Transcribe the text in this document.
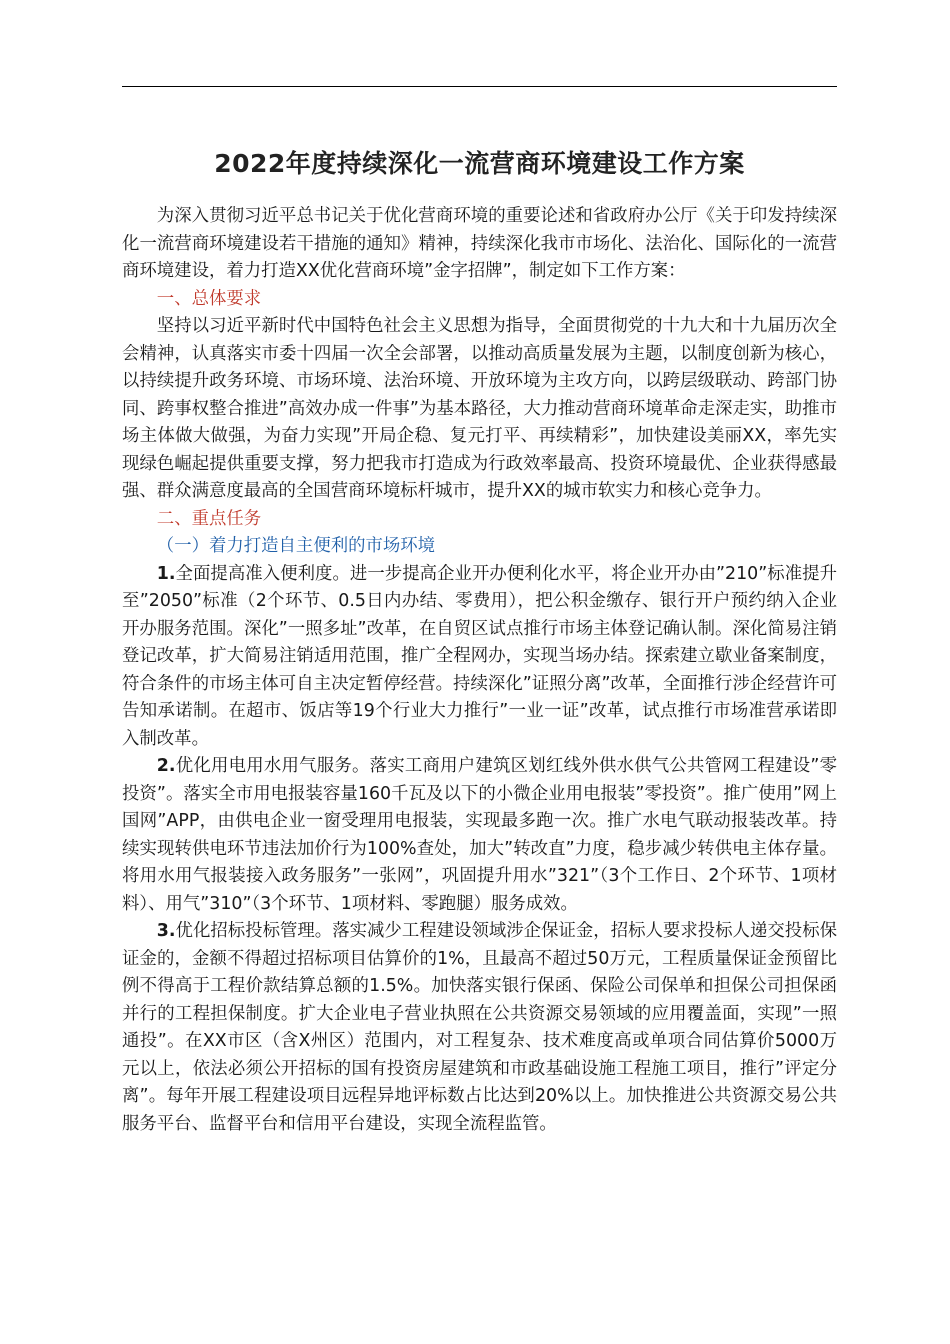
2022年度持续深化一流营商环境建设工作方案

为深入贯彻习近平总书记关于优化营商环境的重要论述和省政府办公厅《关于印发持续深化一流营商环境建设若干措施的通知》精神，持续深化我市市场化、法治化、国际化的一流营商环境建设，着力打造XX优化营商环境”金字招牌”，制定如下工作方案：

一、总体要求

坚持以习近平新时代中国特色社会主义思想为指导，全面贯彻党的十九大和十九届历次全会精神，认真落实市委十四届一次全会部署，以推动高质量发展为主题，以制度创新为核心，以持续提升政务环境、市场环境、法治环境、开放环境为主攻方向，以跨层级联动、跨部门协同、跨事权整合推进”高效办成一件事”为基本路径，大力推动营商环境革命走深走实，助推市场主体做大做强，为奋力实现”开局企稳、复元打平、再续精彩”，加快建设美丽XX，率先实现绿色崛起提供重要支撑，努力把我市打造成为行政效率最高、投资环境最优、企业获得感最强、群众满意度最高的全国营商环境标杆城市，提升XX的城市软实力和核心竞争力。

二、重点任务

（一）着力打造自主便利的市场环境

1.全面提高准入便利度。进一步提高企业开办便利化水平，将企业开办由”210”标准提升至”2050”标准（2个环节、0.5日内办结、零费用），把公积金缴存、银行开户预约纳入企业开办服务范围。深化”一照多址”改革，在自贸区试点推行市场主体登记确认制。深化简易注销登记改革，扩大简易注销适用范围，推广全程网办，实现当场办结。探索建立歇业备案制度，符合条件的市场主体可自主决定暂停经营。持续深化”证照分离”改革，全面推行涉企经营许可告知承诺制。在超市、饭店等19个行业大力推行”一业一证”改革，试点推行市场准营承诺即入制改革。

2.优化用电用水用气服务。落实工商用户建筑区划红线外供水供气公共管网工程建设”零投资”。落实全市用电报装容量160千瓦及以下的小微企业用电报装”零投资”。推广使用”网上国网”APP，由供电企业一窗受理用电报装，实现最多跑一次。推广水电气联动报装改革。持续实现转供电环节违法加价行为100%查处，加大”转改直”力度，稳步减少转供电主体存量。将用水用气报装接入政务服务”一张网”，巩固提升用水”321”（3个工作日、2个环节、1项材料）、用气”310”（3个环节、1项材料、零跑腿）服务成效。

3.优化招标投标管理。落实减少工程建设领域涉企保证金，招标人要求投标人递交投标保证金的，金额不得超过招标项目估算价的1%，且最高不超过50万元，工程质量保证金预留比例不得高于工程价款结算总额的1.5%。加快落实银行保函、保险公司保单和担保公司担保函并行的工程担保制度。扩大企业电子营业执照在公共资源交易领域的应用覆盖面，实现”一照通投”。在XX市区（含X州区）范围内，对工程复杂、技术难度高或单项合同估算价5000万元以上，依法必须公开招标的国有投资房屋建筑和市政基础设施工程施工项目，推行”评定分离”。每年开展工程建设项目远程异地评标数占比达到20%以上。加快推进公共资源交易公共服务平台、监督平台和信用平台建设，实现全流程监管。
